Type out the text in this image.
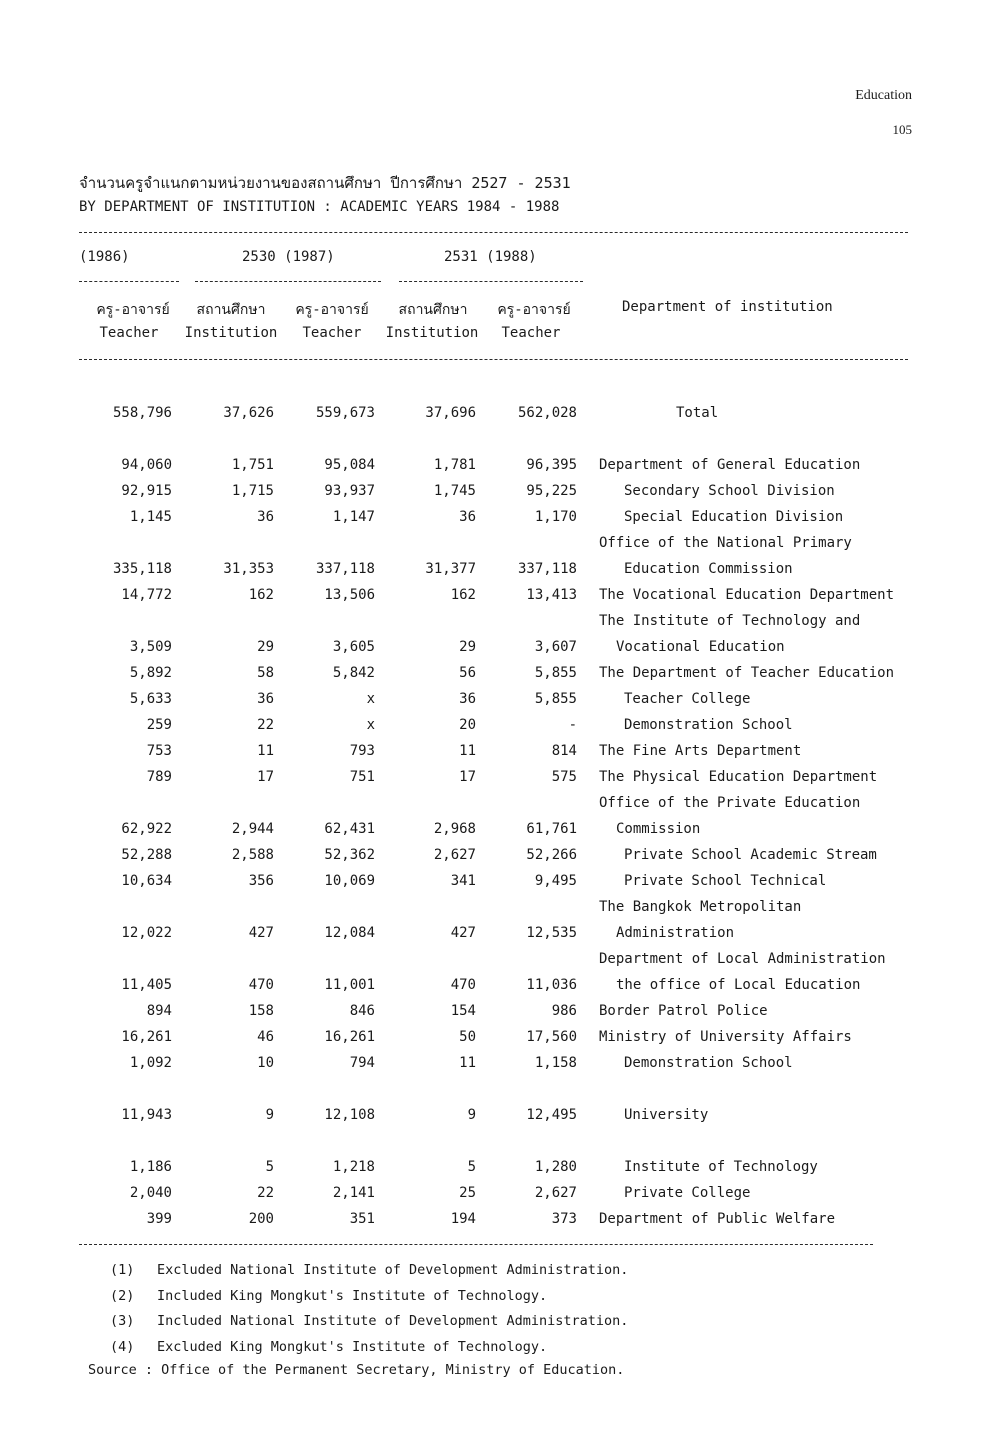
Education
105
จำนวนครูจำแนกตามหน่วยงานของสถานศึกษา ปีการศึกษา 2527 - 2531
BY DEPARTMENT OF INSTITUTION : ACADEMIC YEARS 1984 - 1988
(1986)	2530 (1987)	2531 (1988)
ครู-อาจารย์	สถานศึกษา	ครู-อาจารย์	สถานศึกษา	ครู-อาจารย์	Department of institution
Teacher	Institution	Teacher	Institution	Teacher
558,796	37,626	559,673	37,696	562,028	Total
94,060	1,751	95,084	1,781	96,395 Department of General Education
92,915	1,715	93,937	1,745	95,225	Secondary School Division
1,145	36	1,147	36	1,170	Special Education Division
Office of the National Primary
335,118	31,353	337,118	31,377	337,118	Education Commission
14,772	162	13,506	162	13,413 The Vocational Education Department
The Institute of Technology and
3,509	29	3,605	29	3,607	Vocational Education
5,892	58	5,842	56	5,855 The Department of Teacher Education
5,633	36	x	36	5,855	Teacher College
259	22	x	20	-	Demonstration School
753	11	793	11	814 The Fine Arts Department
789	17	751	17	575 The Physical Education Department
Office of the Private Education
62,922	2,944	62,431	2,968	61,761	Commission
52,288	2,588	52,362	2,627	52,266	Private School Academic Stream
10,634	356	10,069	341	9,495	Private School Technical
The Bangkok Metropolitan
12,022	427	12,084	427	12,535	Administration
Department of Local Administration
11,405	470	11,001	470	11,036	the office of Local Education
894	158	846	154	986 Border Patrol Police
16,261	46	16,261	50	17,560 Ministry of University Affairs
1,092	10	794	11	1,158	Demonstration School
11,943	9	12,108	9	12,495	University
1,186	5	1,218	5	1,280	Institute of Technology
2,040	22	2,141	25	2,627	Private College
399	200	351	194	373 Department of Public Welfare
(1) Excluded National Institute of Development Administration.
(2) Included King Mongkut's Institute of Technology.
(3) Included National Institute of Development Administration.
(4) Excluded King Mongkut's Institute of Technology.
Source : Office of the Permanent Secretary, Ministry of Education.
